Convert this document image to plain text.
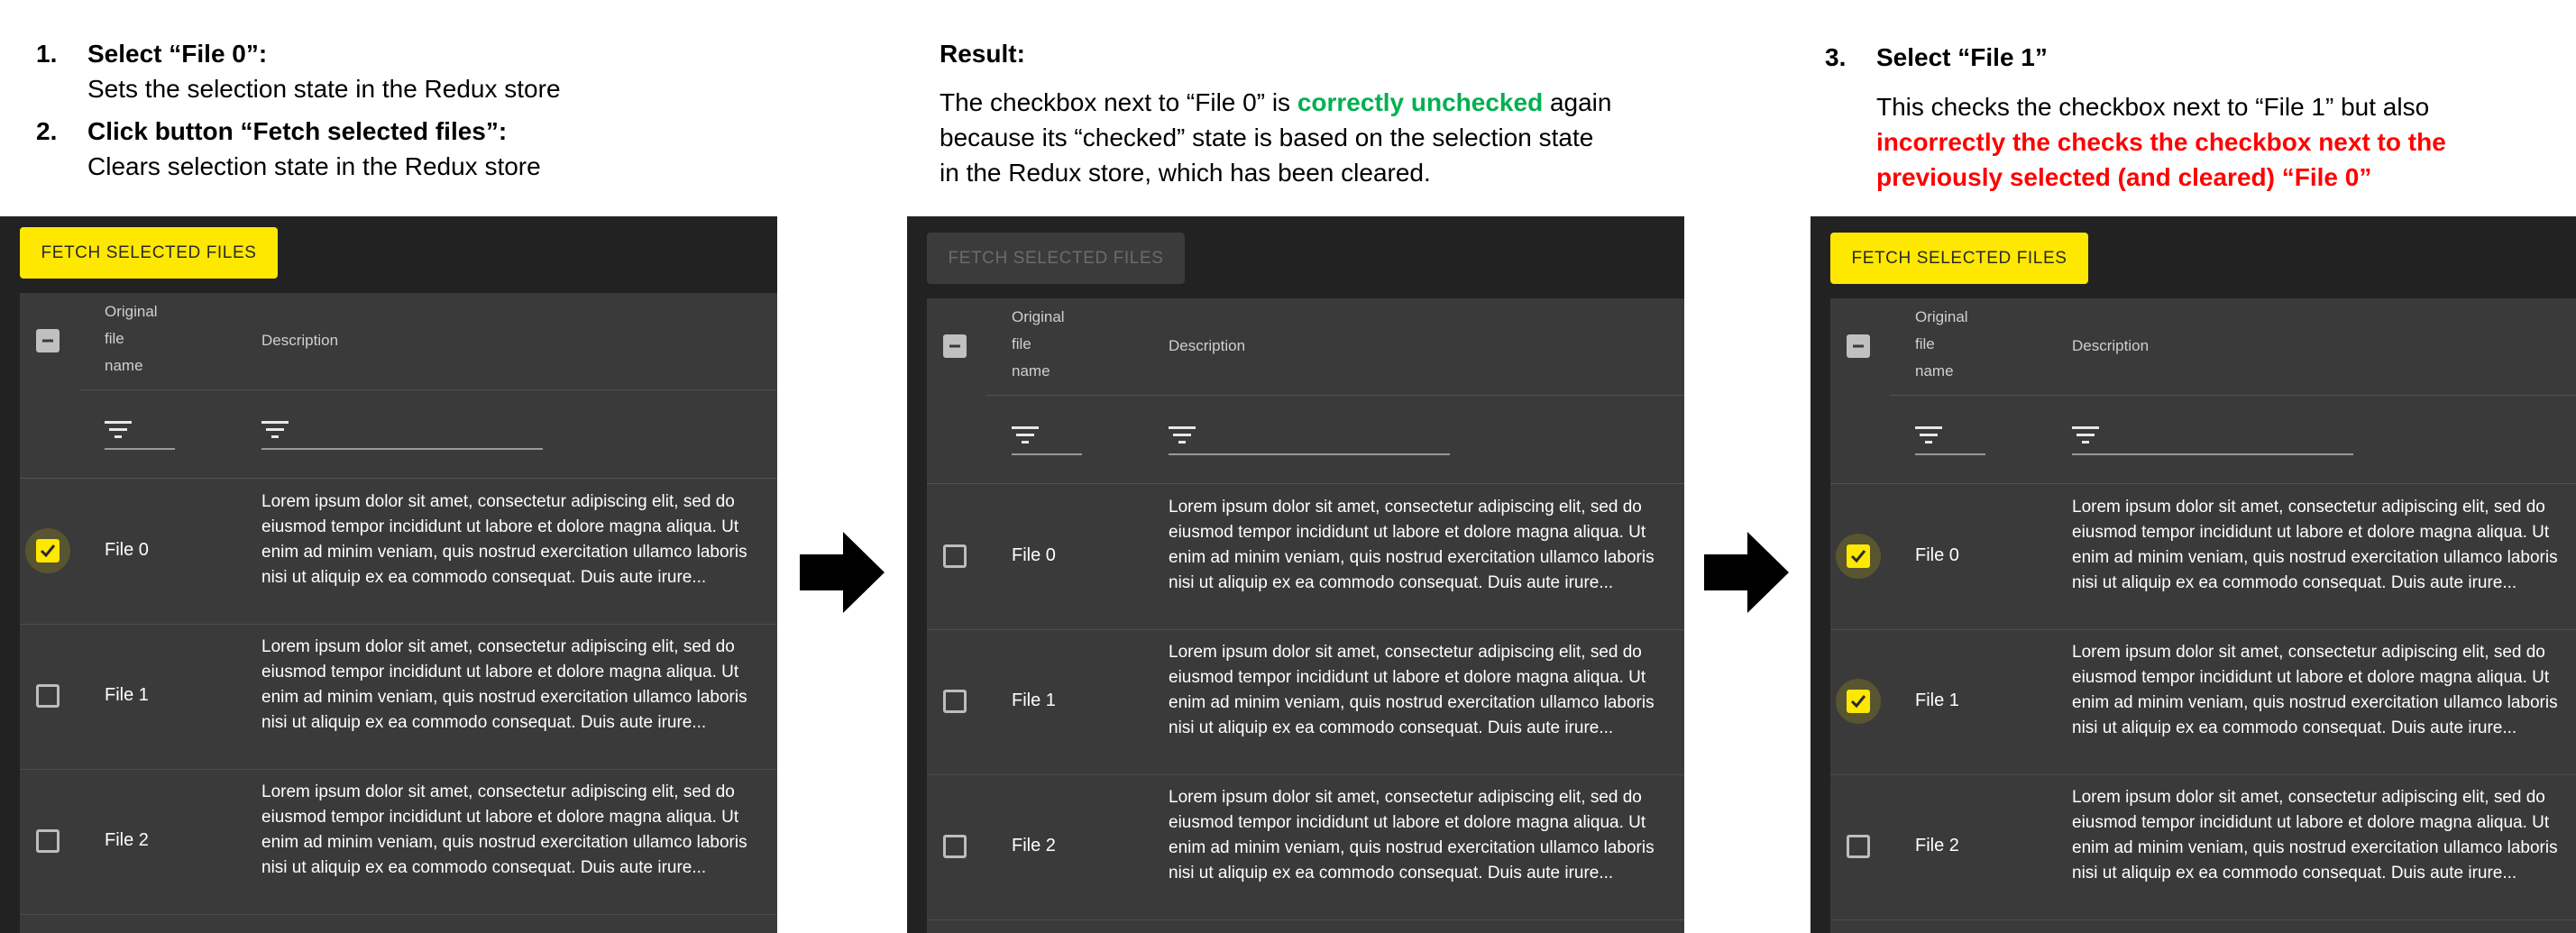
1. Select “File 0”:

Sets the selection state in the Redux store

2. Click button “Fetch selected files”:

Clears selection state in the Redux store

Result:

The checkbox next to “File 0” is correctly unchecked again

because its “checked” state is based on the selection state

in the Redux store, which has been cleared.

3. Select “File 1”

This checks the checkbox next to “File 1” but also

incorrectly the checks the checkbox next to the

previously selected (and cleared) “File 0”

FETCH SELECTED FILES
Original
file
name
Description
File 0
Lorem ipsum dolor sit amet, consectetur adipiscing elit, sed do eiusmod tempor incididunt ut labore et dolore magna aliqua. Ut enim ad minim veniam, quis nostrud exercitation ullamco laboris nisi ut aliquip ex ea commodo consequat. Duis aute irure...
File 1
Lorem ipsum dolor sit amet, consectetur adipiscing elit, sed do eiusmod tempor incididunt ut labore et dolore magna aliqua. Ut enim ad minim veniam, quis nostrud exercitation ullamco laboris nisi ut aliquip ex ea commodo consequat. Duis aute irure...
File 2
Lorem ipsum dolor sit amet, consectetur adipiscing elit, sed do eiusmod tempor incididunt ut labore et dolore magna aliqua. Ut enim ad minim veniam, quis nostrud exercitation ullamco laboris nisi ut aliquip ex ea commodo consequat. Duis aute irure...
FETCH SELECTED FILES
Original
file
name
Description
File 0
Lorem ipsum dolor sit amet, consectetur adipiscing elit, sed do eiusmod tempor incididunt ut labore et dolore magna aliqua. Ut enim ad minim veniam, quis nostrud exercitation ullamco laboris nisi ut aliquip ex ea commodo consequat. Duis aute irure...
File 1
Lorem ipsum dolor sit amet, consectetur adipiscing elit, sed do eiusmod tempor incididunt ut labore et dolore magna aliqua. Ut enim ad minim veniam, quis nostrud exercitation ullamco laboris nisi ut aliquip ex ea commodo consequat. Duis aute irure...
File 2
Lorem ipsum dolor sit amet, consectetur adipiscing elit, sed do eiusmod tempor incididunt ut labore et dolore magna aliqua. Ut enim ad minim veniam, quis nostrud exercitation ullamco laboris nisi ut aliquip ex ea commodo consequat. Duis aute irure...
FETCH SELECTED FILES
Original
file
name
Description
File 0
Lorem ipsum dolor sit amet, consectetur adipiscing elit, sed do eiusmod tempor incididunt ut labore et dolore magna aliqua. Ut enim ad minim veniam, quis nostrud exercitation ullamco laboris nisi ut aliquip ex ea commodo consequat. Duis aute irure...
File 1
Lorem ipsum dolor sit amet, consectetur adipiscing elit, sed do eiusmod tempor incididunt ut labore et dolore magna aliqua. Ut enim ad minim veniam, quis nostrud exercitation ullamco laboris nisi ut aliquip ex ea commodo consequat. Duis aute irure...
File 2
Lorem ipsum dolor sit amet, consectetur adipiscing elit, sed do eiusmod tempor incididunt ut labore et dolore magna aliqua. Ut enim ad minim veniam, quis nostrud exercitation ullamco laboris nisi ut aliquip ex ea commodo consequat. Duis aute irure...
